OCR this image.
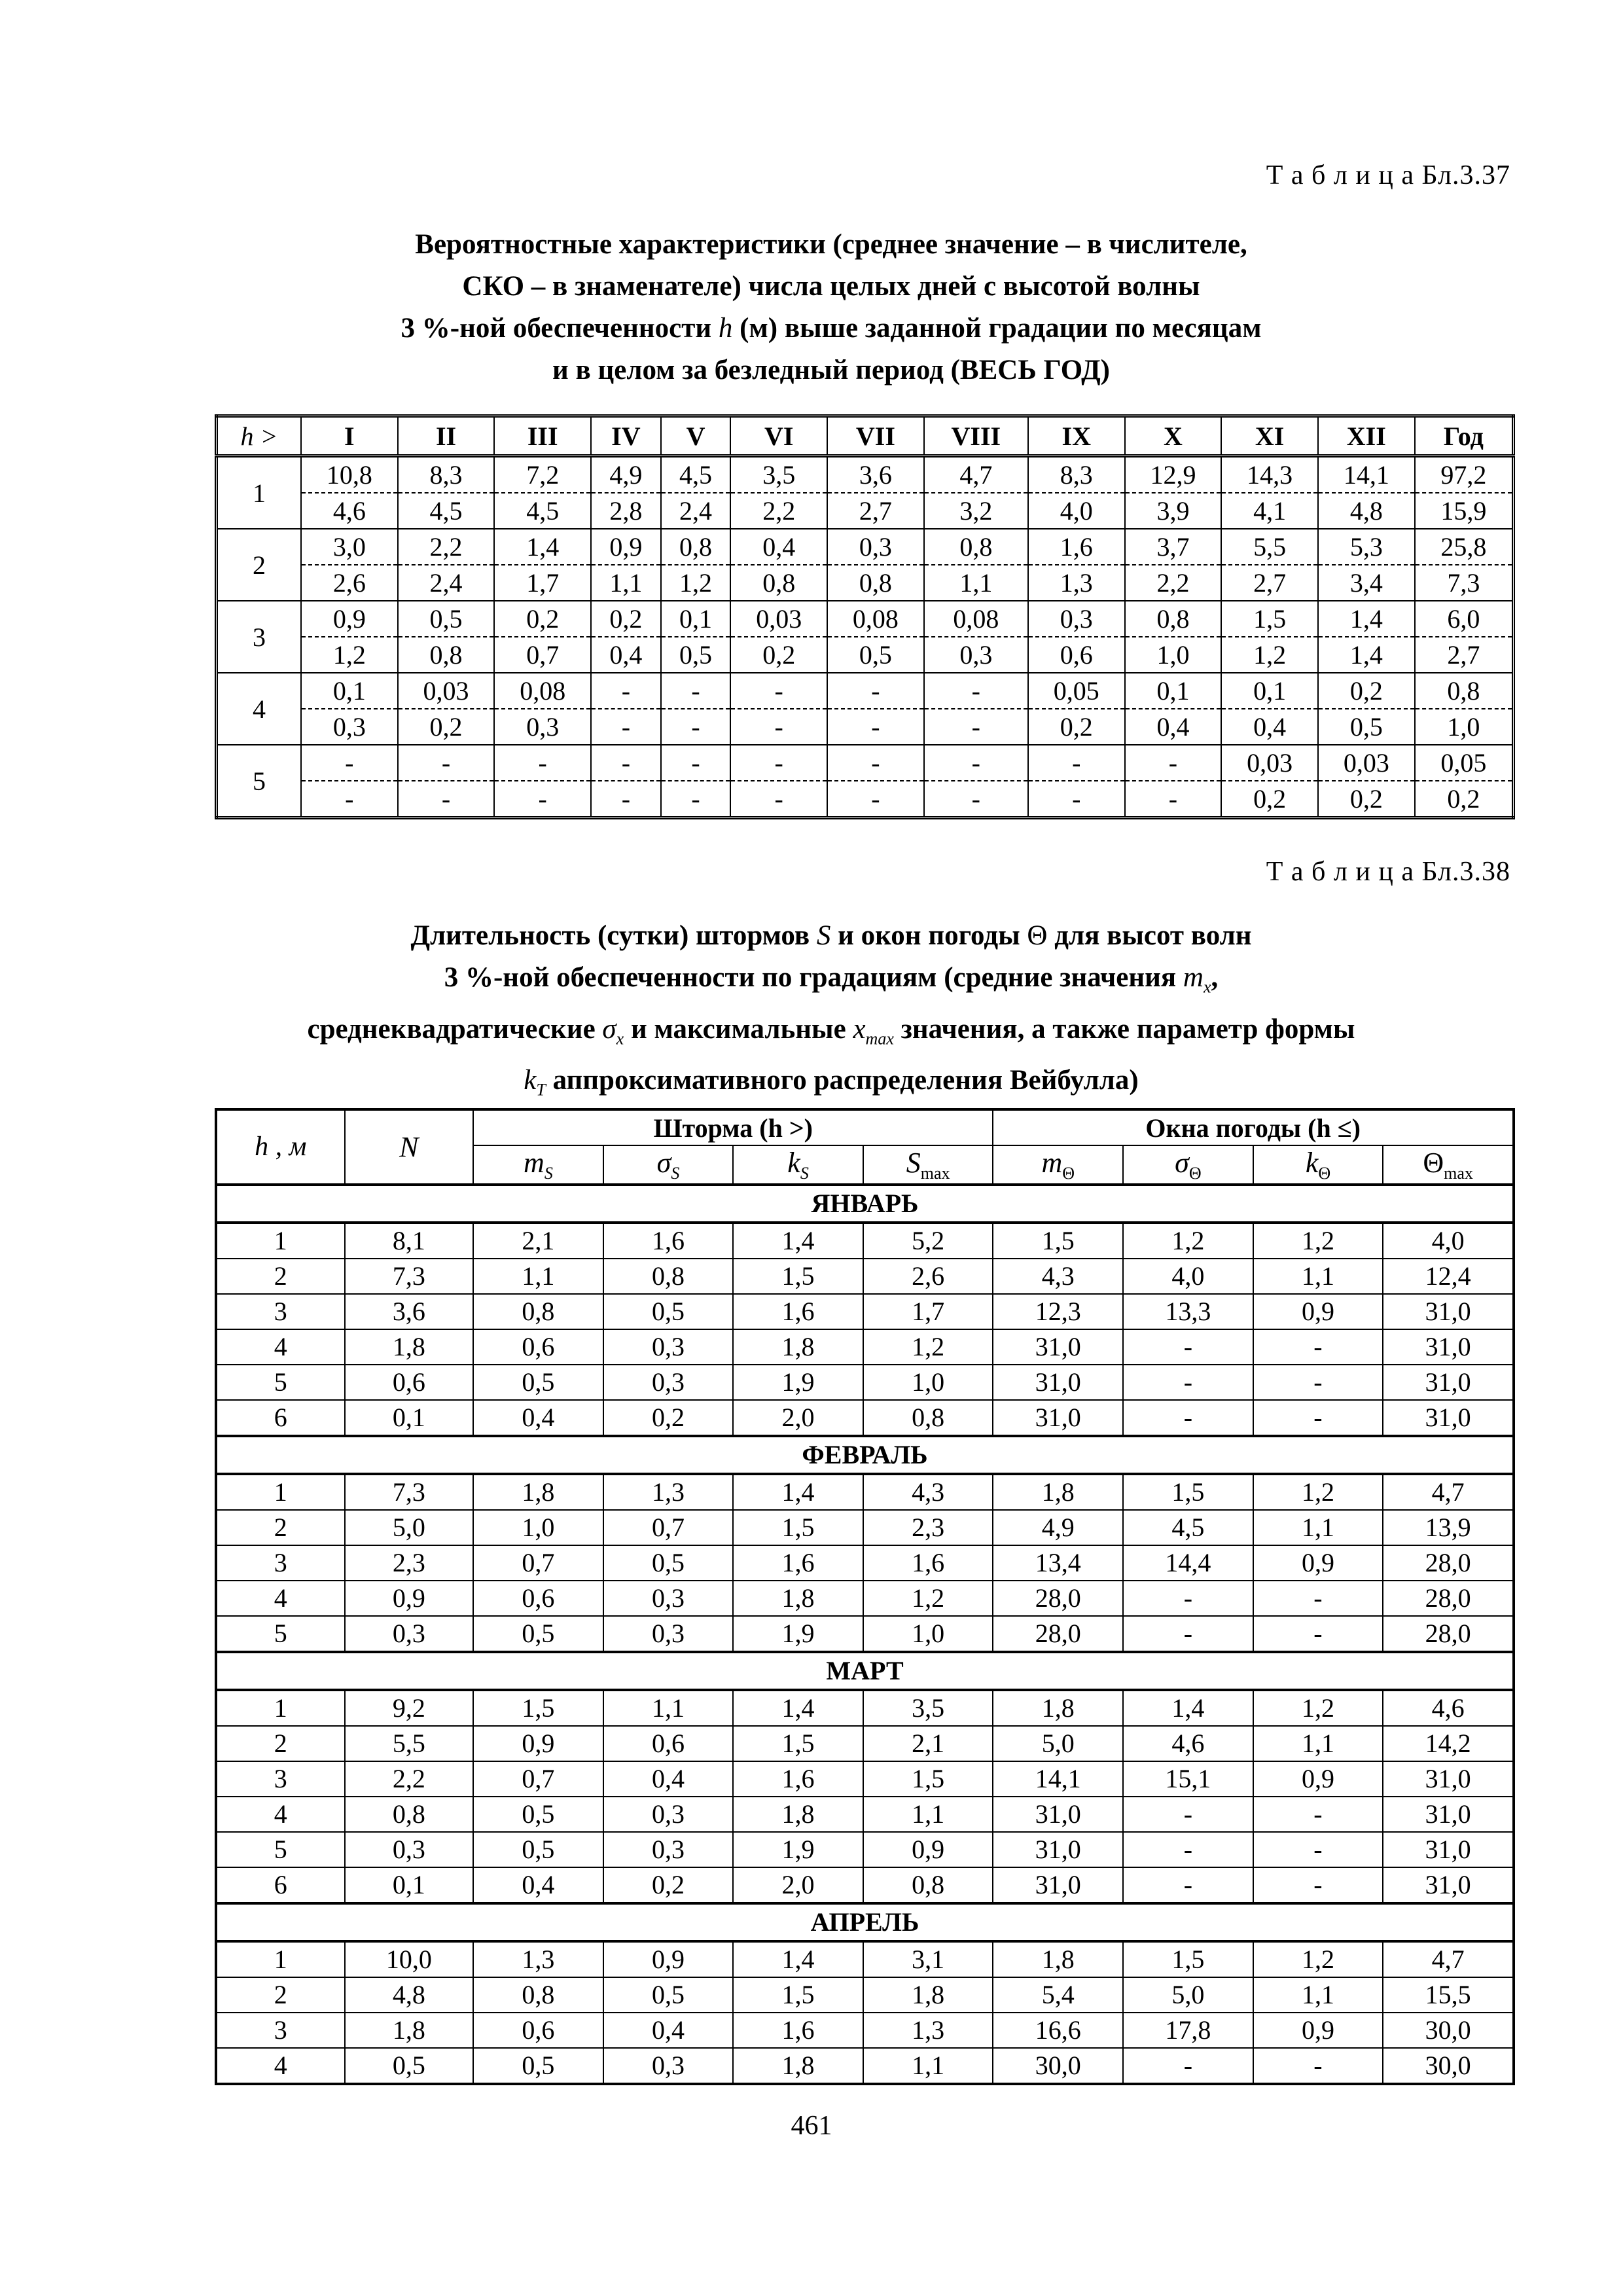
Т а б л и ц а Бл.3.37
Вероятностные характеристики (среднее значение – в числителе,
СКО – в знаменателе) числа целых дней с высотой волны
3 %-ной обеспеченности h (м) выше заданной градации по месяцам
и в целом за безледный период (ВЕСЬ ГОД)
h >	I	II	III	IV	V	VI	VII	VIII	IX	X	XI	XII	Год
1	10,8	8,3	7,2	4,9	4,5	3,5	3,6	4,7	8,3	12,9	14,3	14,1	97,2
	4,6	4,5	4,5	2,8	2,4	2,2	2,7	3,2	4,0	3,9	4,1	4,8	15,9
2	3,0	2,2	1,4	0,9	0,8	0,4	0,3	0,8	1,6	3,7	5,5	5,3	25,8
	2,6	2,4	1,7	1,1	1,2	0,8	0,8	1,1	1,3	2,2	2,7	3,4	7,3
3	0,9	0,5	0,2	0,2	0,1	0,03	0,08	0,08	0,3	0,8	1,5	1,4	6,0
	1,2	0,8	0,7	0,4	0,5	0,2	0,5	0,3	0,6	1,0	1,2	1,4	2,7
4	0,1	0,03	0,08	-	-	-	-	-	0,05	0,1	0,1	0,2	0,8
	0,3	0,2	0,3	-	-	-	-	-	0,2	0,4	0,4	0,5	1,0
5	-	-	-	-	-	-	-	-	-	-	0,03	0,03	0,05
	-	-	-	-	-	-	-	-	-	-	0,2	0,2	0,2
Т а б л и ц а Бл.3.38
Длительность (сутки) штормов S и окон погоды Θ для высот волн
3 %-ной обеспеченности по градациям (средние значения $m_x$,
среднеквадратические $\sigma_x$ и максимальные $x_{max}$ значения, а также параметр формы
$k_T$ аппроксимативного распределения Вейбулла)
h , м	N	Шторма (h >)				Окна погоды (h ≤)			
		$m_S$	$\sigma_S$	$k_S$	$S_{max}$	$m_\Theta$	$\sigma_\Theta$	$k_\Theta$	$\Theta_{max}$
ЯНВАРЬ									
1	8,1	2,1	1,6	1,4	5,2	1,5	1,2	1,2	4,0
2	7,3	1,1	0,8	1,5	2,6	4,3	4,0	1,1	12,4
3	3,6	0,8	0,5	1,6	1,7	12,3	13,3	0,9	31,0
4	1,8	0,6	0,3	1,8	1,2	31,0	-	-	31,0
5	0,6	0,5	0,3	1,9	1,0	31,0	-	-	31,0
6	0,1	0,4	0,2	2,0	0,8	31,0	-	-	31,0
ФЕВРАЛЬ									
1	7,3	1,8	1,3	1,4	4,3	1,8	1,5	1,2	4,7
2	5,0	1,0	0,7	1,5	2,3	4,9	4,5	1,1	13,9
3	2,3	0,7	0,5	1,6	1,6	13,4	14,4	0,9	28,0
4	0,9	0,6	0,3	1,8	1,2	28,0	-	-	28,0
5	0,3	0,5	0,3	1,9	1,0	28,0	-	-	28,0
МАРТ									
1	9,2	1,5	1,1	1,4	3,5	1,8	1,4	1,2	4,6
2	5,5	0,9	0,6	1,5	2,1	5,0	4,6	1,1	14,2
3	2,2	0,7	0,4	1,6	1,5	14,1	15,1	0,9	31,0
4	0,8	0,5	0,3	1,8	1,1	31,0	-	-	31,0
5	0,3	0,5	0,3	1,9	0,9	31,0	-	-	31,0
6	0,1	0,4	0,2	2,0	0,8	31,0	-	-	31,0
АПРЕЛЬ									
1	10,0	1,3	0,9	1,4	3,1	1,8	1,5	1,2	4,7
2	4,8	0,8	0,5	1,5	1,8	5,4	5,0	1,1	15,5
3	1,8	0,6	0,4	1,6	1,3	16,6	17,8	0,9	30,0
4	0,5	0,5	0,3	1,8	1,1	30,0	-	-	30,0
461
